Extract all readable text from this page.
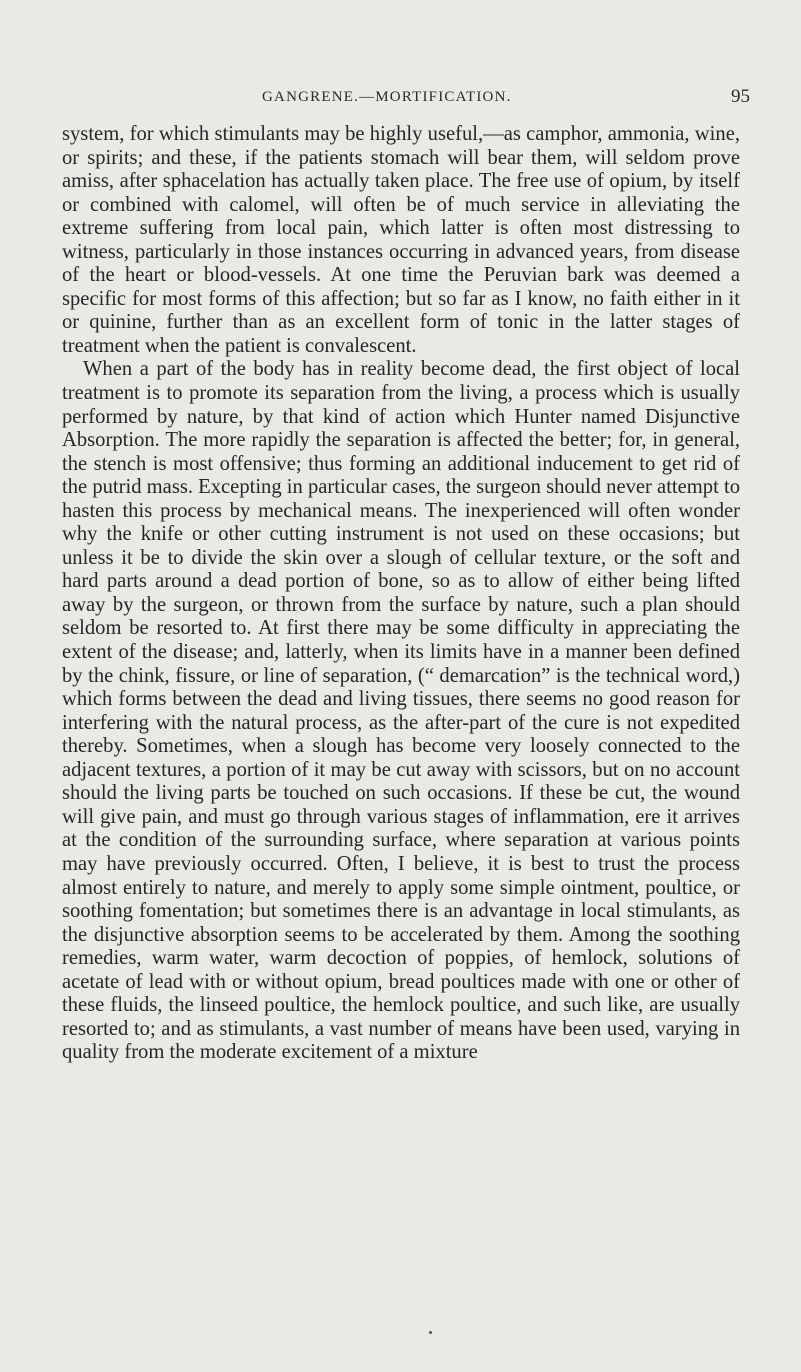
GANGRENE.—MORTIFICATION.	95

system, for which stimulants may be highly useful,—as camphor, ammonia, wine, or spirits; and these, if the patients stomach will bear them, will seldom prove amiss, after sphacelation has actually taken place. The free use of opium, by itself or combined with calomel, will often be of much service in alleviating the extreme suffering from local pain, which latter is often most distressing to witness, particularly in those instances occurring in advanced years, from disease of the heart or blood-vessels. At one time the Peruvian bark was deemed a specific for most forms of this affection; but so far as I know, no faith either in it or quinine, further than as an excellent form of tonic in the latter stages of treatment when the patient is convalescent.

When a part of the body has in reality become dead, the first object of local treatment is to promote its separation from the living, a process which is usually performed by nature, by that kind of action which Hunter named Disjunctive Absorption. The more rapidly the separation is affected the better; for, in general, the stench is most offensive; thus forming an additional inducement to get rid of the putrid mass. Excepting in particular cases, the surgeon should never attempt to hasten this process by mechanical means. The inexperienced will often wonder why the knife or other cutting instrument is not used on these occasions; but unless it be to divide the skin over a slough of cellular texture, or the soft and hard parts around a dead portion of bone, so as to allow of either being lifted away by the surgeon, or thrown from the surface by nature, such a plan should seldom be resorted to. At first there may be some difficulty in appreciating the extent of the disease; and, latterly, when its limits have in a manner been defined by the chink, fissure, or line of separation, (“ demarcation” is the technical word,) which forms between the dead and living tissues, there seems no good reason for interfering with the natural process, as the after-part of the cure is not expedited thereby. Sometimes, when a slough has become very loosely connected to the adjacent textures, a portion of it may be cut away with scissors, but on no account should the living parts be touched on such occasions. If these be cut, the wound will give pain, and must go through various stages of inflammation, ere it arrives at the condition of the surrounding surface, where separation at various points may have previously occurred. Often, I believe, it is best to trust the process almost entirely to nature, and merely to apply some simple ointment, poultice, or soothing fomentation; but sometimes there is an advantage in local stimulants, as the disjunctive absorption seems to be accelerated by them. Among the soothing remedies, warm water, warm decoction of poppies, of hemlock, solutions of acetate of lead with or without opium, bread poultices made with one or other of these fluids, the linseed poultice, the hemlock poultice, and such like, are usually resorted to; and as stimulants, a vast number of means have been used, varying in quality from the moderate excitement of a mixture
